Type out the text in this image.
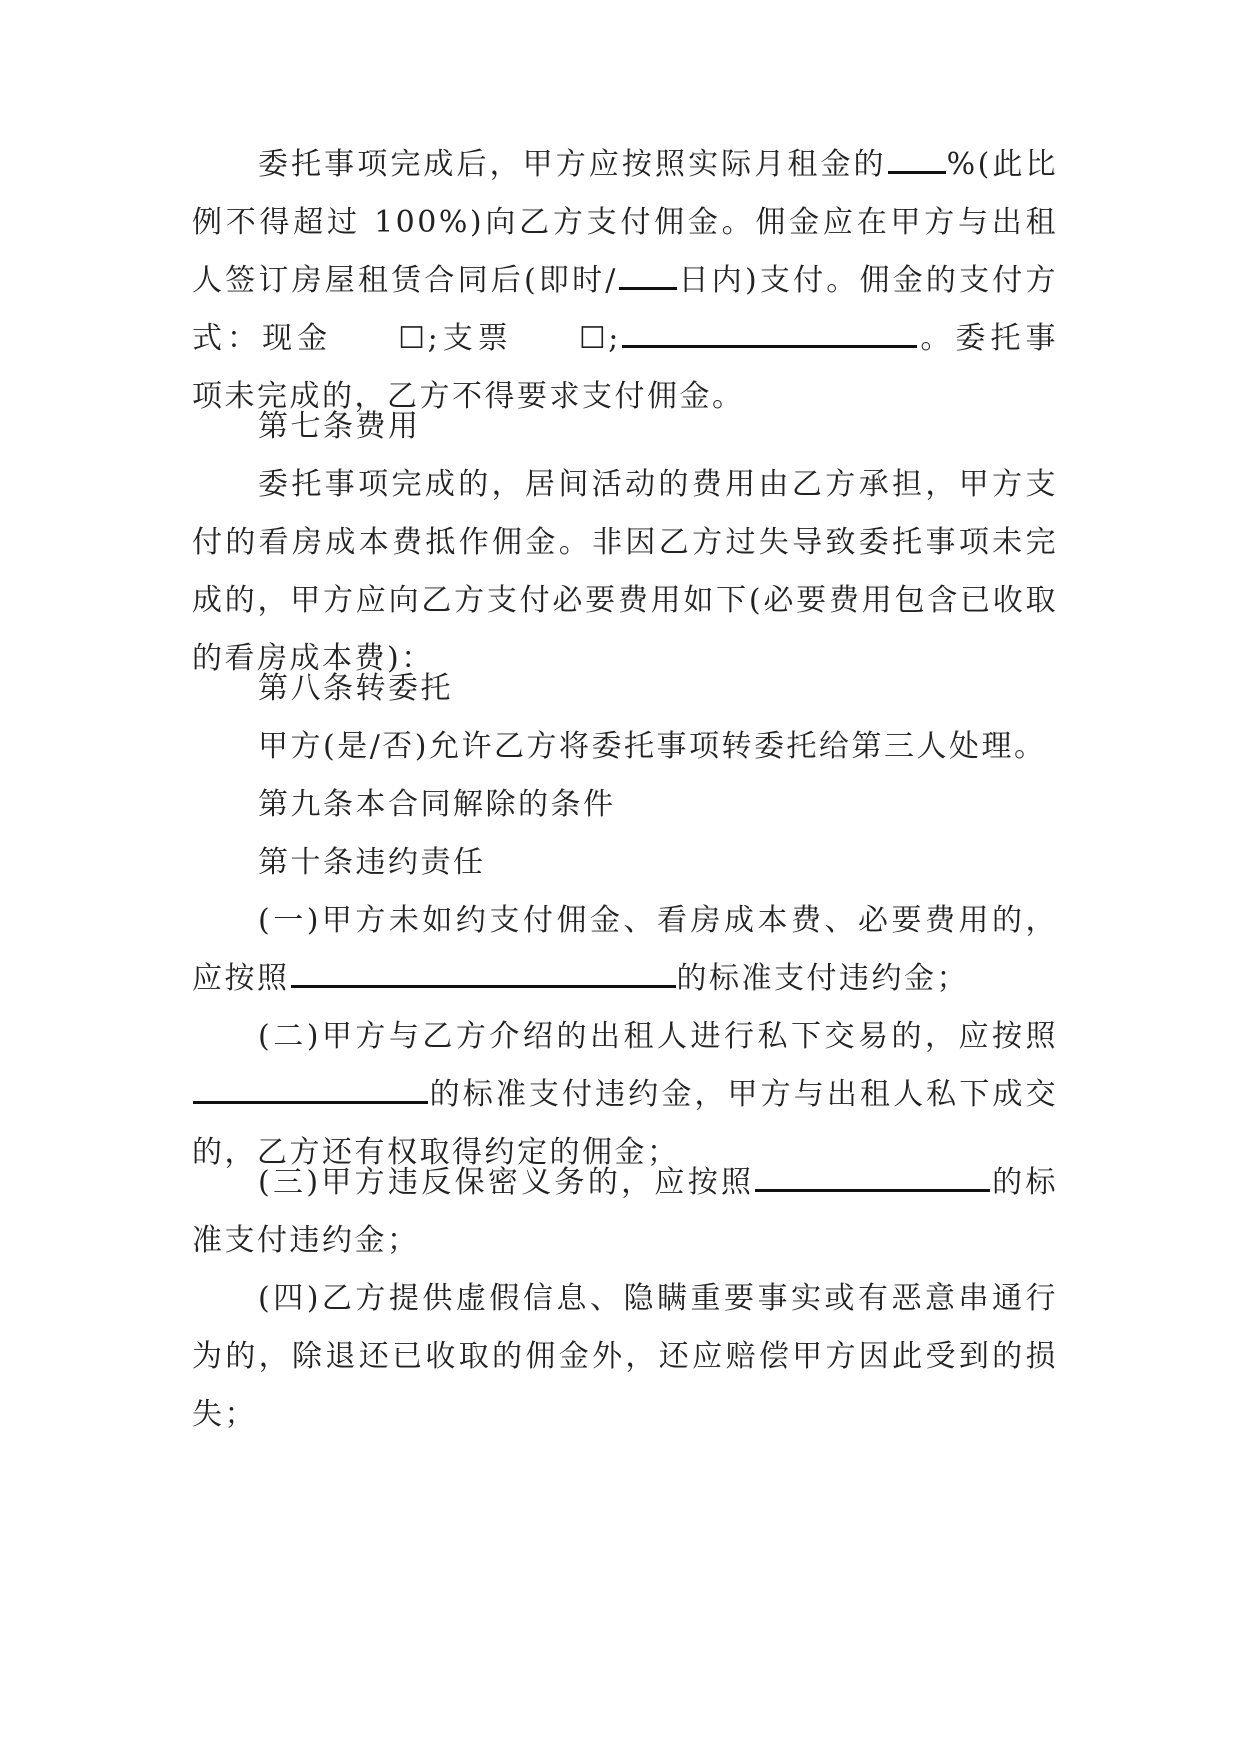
委托事项完成后，甲方应按照实际月租金的 %(此比例不得超过 100%)向乙方支付佣金。佣金应在甲方与出租人签订房屋租赁合同后(即时/ 日内)支付。佣金的支付方式：现金 ☐;支票 ☐;	。委托事项未完成的，乙方不得要求支付佣金。

第七条费用

委托事项完成的，居间活动的费用由乙方承担，甲方支付的看房成本费抵作佣金。非因乙方过失导致委托事项未完成的，甲方应向乙方支付必要费用如下(必要费用包含已收取的看房成本费)：

第八条转委托

甲方(是/否)允许乙方将委托事项转委托给第三人处理。

第九条本合同解除的条件

第十条违约责任

(一)甲方未如约支付佣金、看房成本费、必要费用的，应按照	的标准支付违约金；

(二)甲方与乙方介绍的出租人进行私下交易的，应按照的标准支付违约金，甲方与出租人私下成交的，乙方还有权取得约定的佣金；

(三)甲方违反保密义务的，应按照	的标准支付违约金；

(四)乙方提供虚假信息、隐瞒重要事实或有恶意串通行为的，除退还已收取的佣金外，还应赔偿甲方因此受到的损失；
